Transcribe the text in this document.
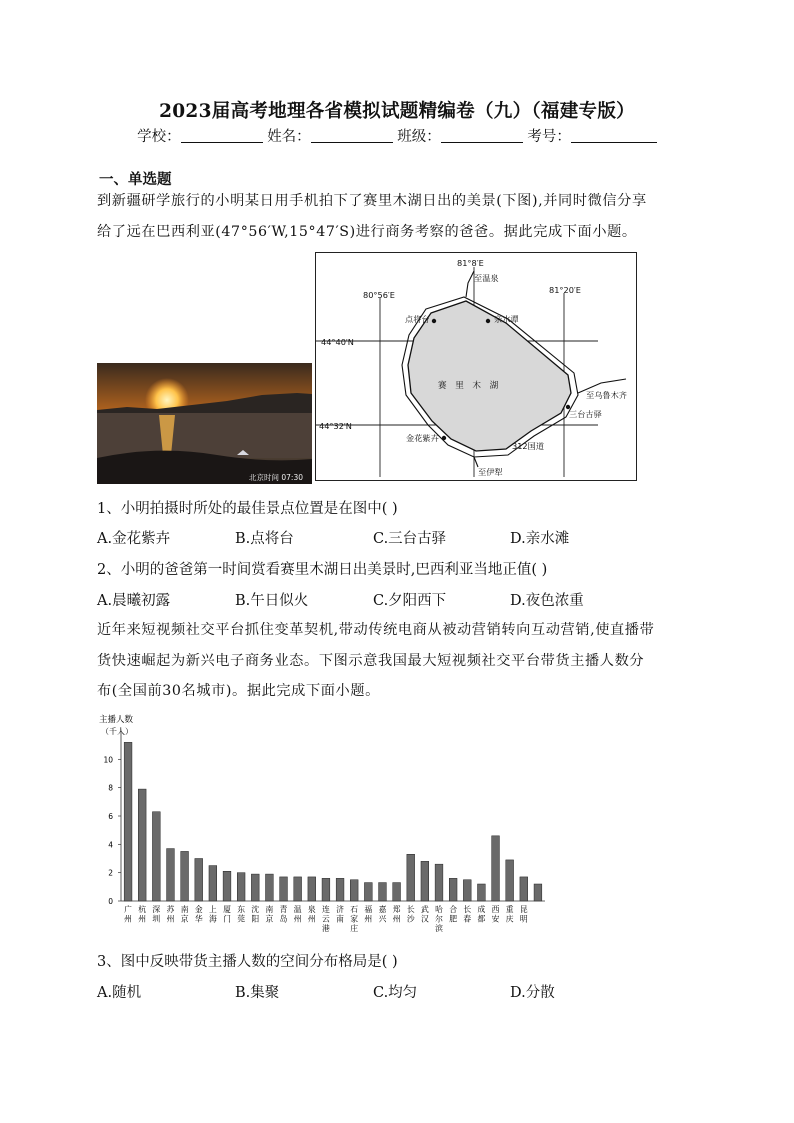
2023届高考地理各省模拟试题精编卷（九）（福建专版）
学校：	姓名：	班级：	考号：
一、单选题
到新疆研学旅行的小明某日用手机拍下了赛里木湖日出的美景(下图),并同时微信分享
给了远在巴西利亚(47°56′W,15°47′S)进行商务考察的爸爸。据此完成下面小题。
北京时间 07:30
81°8′E
80°56′E	81°20′E
44°40′N
44°32′N
赛　里　木　湖
至温泉
点将台	亲水谭
至乌鲁木齐
三台古驿
金花紫卉
312国道
至伊犁
1、小明拍摄时所处的最佳景点位置是在图中( )
A.金花紫卉	B.点将台	C.三台古驿	D.亲水滩
2、小明的爸爸第一时间赏看赛里木湖日出美景时,巴西利亚当地正值( )
A.晨曦初露	B.午日似火	C.夕阳西下	D.夜色浓重
近年来短视频社交平台抓住变革契机,带动传统电商从被动营销转向互动营销,使直播带
货快速崛起为新兴电子商务业态。下图示意我国最大短视频社交平台带货主播人数分
布(全国前30名城市)。据此完成下面小题。
主播人数
（千人）
0
2
4
6
8
10
广州
杭州
深圳
苏州
南京
金华
上海
厦门
东莞
沈阳
南京
青岛
温州
泉州
连云港
济南
石家庄
福州
嘉兴
郑州
长沙
武汉
哈尔滨
合肥
长春
成都
西安
重庆
昆明
3、图中反映带货主播人数的空间分布格局是( )
A.随机	B.集聚	C.均匀	D.分散
